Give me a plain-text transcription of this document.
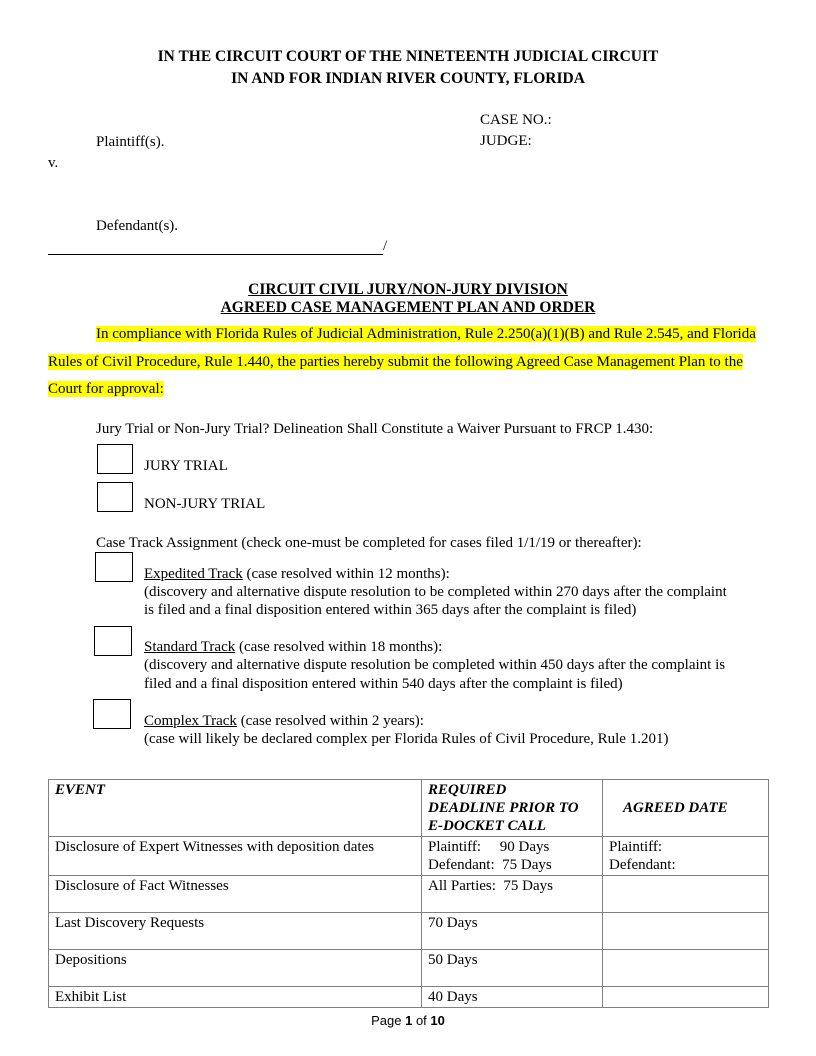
IN THE CIRCUIT COURT OF THE NINETEENTH JUDICIAL CIRCUIT
IN AND FOR INDIAN RIVER COUNTY, FLORIDA
CASE NO.:
JUDGE:
Plaintiff(s).
v.
Defendant(s).
/
CIRCUIT CIVIL JURY/NON-JURY DIVISION
AGREED CASE MANAGEMENT PLAN AND ORDER
In compliance with Florida Rules of Judicial Administration, Rule 2.250(a)(1)(B) and Rule 2.545, and Florida Rules of Civil Procedure, Rule 1.440, the parties hereby submit the following Agreed Case Management Plan to the Court for approval:
Jury Trial or Non-Jury Trial? Delineation Shall Constitute a Waiver Pursuant to FRCP 1.430:
JURY TRIAL
NON-JURY TRIAL
Case Track Assignment (check one-must be completed for cases filed 1/1/19 or thereafter):
Expedited Track (case resolved within 12 months):
(discovery and alternative dispute resolution to be completed within 270 days after the complaint
is filed and a final disposition entered within 365 days after the complaint is filed)
Standard Track (case resolved within 18 months):
(discovery and alternative dispute resolution be completed within 450 days after the complaint is
filed and a final disposition entered within 540 days after the complaint is filed)
Complex Track (case resolved within 2 years):
(case will likely be declared complex per Florida Rules of Civil Procedure, Rule 1.201)
EVENT	REQUIRED
DEADLINE PRIOR TO
E-DOCKET CALL	AGREED DATE
Disclosure of Expert Witnesses with deposition dates	Plaintiff:     90 Days
Defendant:  75 Days	Plaintiff:
Defendant:

Disclosure of Fact Witnesses	All Parties:  75 Days	
Last Discovery Requests	70 Days	
Depositions	50 Days	
Exhibit List	40 Days	
Page 1 of 10
